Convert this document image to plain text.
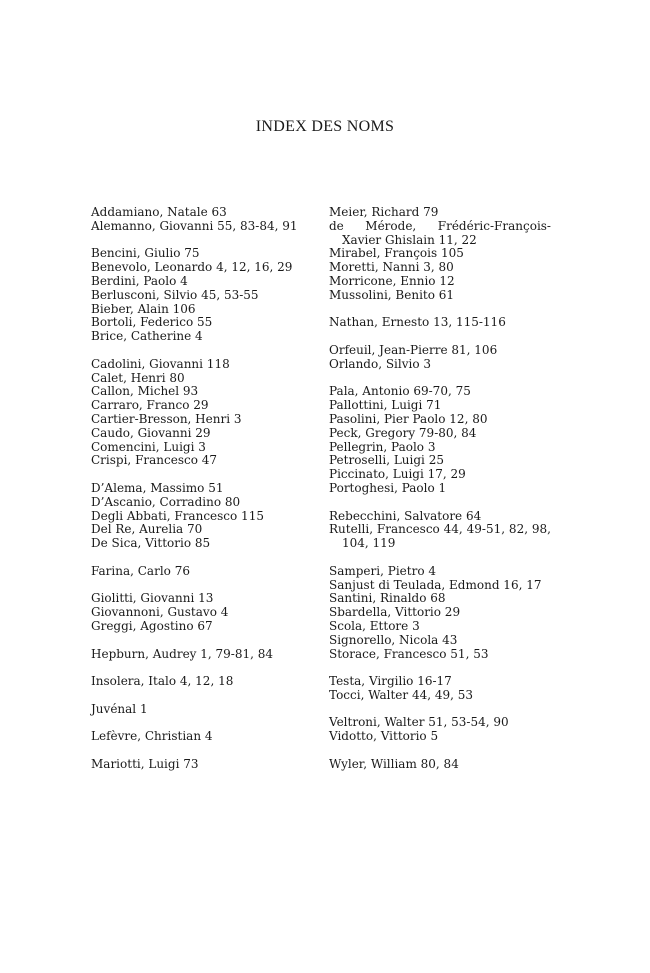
INDEX DES NOMS
Addamiano, Natale 63
Alemanno, Giovanni 55, 83-84, 91
Bencini, Giulio 75
Benevolo, Leonardo 4, 12, 16, 29
Berdini, Paolo 4
Berlusconi, Silvio 45, 53-55
Bieber, Alain 106
Bortoli, Federico 55
Brice, Catherine 4
Cadolini, Giovanni 118
Calet, Henri 80
Callon, Michel 93
Carraro, Franco 29
Cartier-Bresson, Henri 3
Caudo, Giovanni 29
Comencini, Luigi 3
Crispi, Francesco 47
D’Alema, Massimo 51
D’Ascanio, Corradino 80
Degli Abbati, Francesco 115
Del Re, Aurelia 70
De Sica, Vittorio 85
Farina, Carlo 76
Giolitti, Giovanni 13
Giovannoni, Gustavo 4
Greggi, Agostino 67
Hepburn, Audrey 1, 79-81, 84
Insolera, Italo 4, 12, 18
Juvénal 1
Lefèvre, Christian 4
Mariotti, Luigi 73
Meier, Richard 79
de Mérode, Frédéric-François-Xavier Ghislain 11, 22
Mirabel, François 105
Moretti, Nanni 3, 80
Morricone, Ennio 12
Mussolini, Benito 61
Nathan, Ernesto 13, 115-116
Orfeuil, Jean-Pierre 81, 106
Orlando, Silvio 3
Pala, Antonio 69-70, 75
Pallottini, Luigi 71
Pasolini, Pier Paolo 12, 80
Peck, Gregory 79-80, 84
Pellegrin, Paolo 3
Petroselli, Luigi 25
Piccinato, Luigi 17, 29
Portoghesi, Paolo 1
Rebecchini, Salvatore 64
Rutelli, Francesco 44, 49-51, 82, 98, 104, 119
Samperi, Pietro 4
Sanjust di Teulada, Edmond 16, 17
Santini, Rinaldo 68
Sbardella, Vittorio 29
Scola, Ettore 3
Signorello, Nicola 43
Storace, Francesco 51, 53
Testa, Virgilio 16-17
Tocci, Walter 44, 49, 53
Veltroni, Walter 51, 53-54, 90
Vidotto, Vittorio 5
Wyler, William 80, 84
